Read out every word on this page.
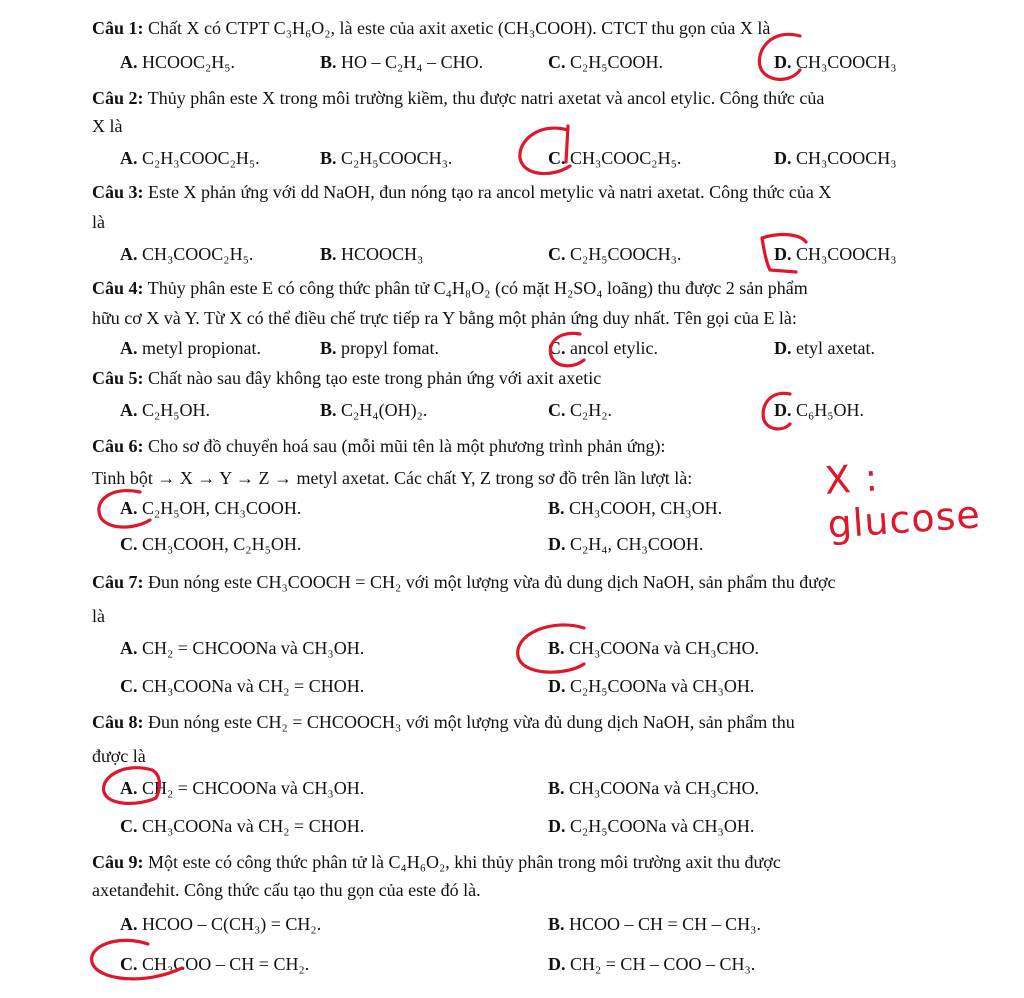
Câu 1: Chất X có CTPT C₃H₆O₂, là este của axit axetic (CH₃COOH). CTCT thu gọn của X là
A. HCOOC₂H₅.	B. HO – C₂H₄ – CHO.	C. C₂H₅COOH.	D. CH₃COOCH₃
Câu 2: Thủy phân este X trong môi trường kiềm, thu được natri axetat và ancol etylic. Công thức của
X là
A. C₂H₃COOC₂H₅.	B. C₂H₅COOCH₃.	C. CH₃COOC₂H₅.	D. CH₃COOCH₃
Câu 3: Este X phản ứng với dd NaOH, đun nóng tạo ra ancol metylic và natri axetat. Công thức của X
là
A. CH₃COOC₂H₅.	B. HCOOCH₃	C. C₂H₅COOCH₃.	D. CH₃COOCH₃
Câu 4: Thủy phân este E có công thức phân tử C₄H₈O₂ (có mặt H₂SO₄ loãng) thu được 2 sản phẩm
hữu cơ X và Y. Từ X có thể điều chế trực tiếp ra Y bằng một phản ứng duy nhất. Tên gọi của E là:
A. metyl propionat.	B. propyl fomat.	C. ancol etylic.	D. etyl axetat.
Câu 5: Chất nào sau đây không tạo este trong phản ứng với axit axetic
A. C₂H₅OH.	B. C₂H₄(OH)₂.	C. C₂H₂.	D. C₆H₅OH.
Câu 6: Cho sơ đồ chuyển hoá sau (mỗi mũi tên là một phương trình phản ứng):
Tinh bột → X → Y → Z → metyl axetat. Các chất Y, Z trong sơ đồ trên lần lượt là:
A. C₂H₅OH, CH₃COOH.	B. CH₃COOH, CH₃OH.
C. CH₃COOH, C₂H₅OH.	D. C₂H₄, CH₃COOH.
Câu 7: Đun nóng este CH₃COOCH = CH₂ với một lượng vừa đủ dung dịch NaOH, sản phẩm thu được
là
A. CH₂ = CHCOONa và CH₃OH.	B. CH₃COONa và CH₃CHO.
C. CH₃COONa và CH₂ = CHOH.	D. C₂H₅COONa và CH₃OH.
Câu 8: Đun nóng este CH₂ = CHCOOCH₃ với một lượng vừa đủ dung dịch NaOH, sản phẩm thu
được là
A. CH₂ = CHCOONa và CH₃OH.	B. CH₃COONa và CH₃CHO.
C. CH₃COONa và CH₂ = CHOH.	D. C₂H₅COONa và CH₃OH.
Câu 9: Một este có công thức phân tử là C₄H₆O₂, khi thủy phân trong môi trường axit thu được
axetanđehit. Công thức cấu tạo thu gọn của este đó là.
A. HCOO – C(CH₃) = CH₂.	B. HCOO – CH = CH – CH₃.
C. CH₃COO – CH = CH₂.	D. CH₂ = CH – COO – CH₃.
X : glucose
